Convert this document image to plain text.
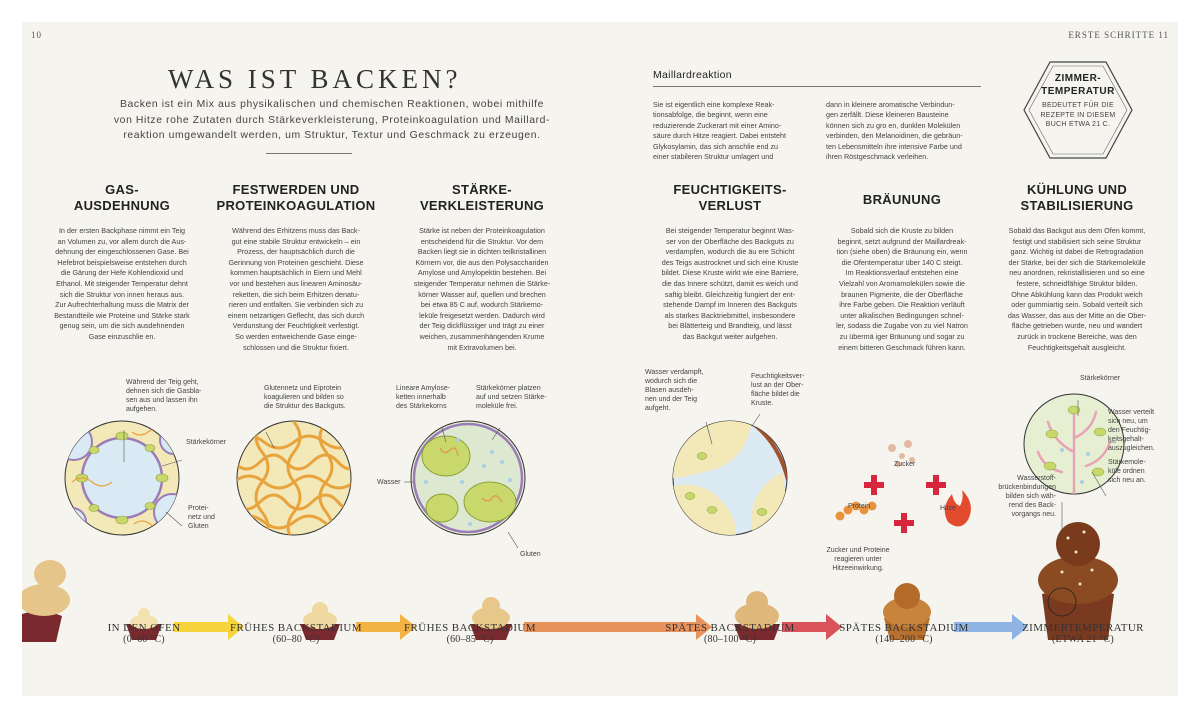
10	ERSTE SCHRITTE 11
WAS IST BACKEN?
Backen ist ein Mix aus physikalischen und chemischen Reaktionen, wobei mithilfe
von Hitze rohe Zutaten durch Stärkeverkleisterung, Proteinkoagulation und Maillard-
reaktion umgewandelt werden, um Struktur, Textur und Geschmack zu erzeugen.
Maillardreaktion
Sie ist eigentlich eine komplexe Reak-
tionsabfolge, die beginnt, wenn eine
reduzierende Zuckerart mit einer Amino-
säure durch Hitze reagiert. Dabei entsteht
Glykosylamin, das sich anschlie end zu
einer stabileren Struktur umlagert und
dann in kleinere aromatische Verbindun-
gen zerfällt. Diese kleineren Bausteine
können sich zu gro en, dunklen Molekülen
verbinden, den Melanoidinen, die gebräun-
ten Lebensmitteln ihre intensive Farbe und
ihren Röstgeschmack verleihen.
ZIMMER-
TEMPERATUR
BEDEUTET FÜR DIE
REZEPTE IN DIESEM
BUCH ETWA 21 C.
GAS-
AUSDEHNUNG
In der ersten Backphase nimmt ein Teig
an Volumen zu, vor allem durch die Aus-
dehnung der eingeschlossenen Gase. Bei
Hefebrot beispielsweise entstehen durch
die Gärung der Hefe Kohlendioxid und
Ethanol. Mit steigender Temperatur dehnt
sich die Struktur von innen heraus aus.
Zur Aufrechterhaltung muss die Matrix der
Bestandteile wie Proteine und Stärke stark
genug sein, um die sich ausdehnenden
Gase einzuschlie en.
FESTWERDEN UND
PROTEINKOAGULATION
Während des Erhitzens muss das Back-
gut eine stabile Struktur entwickeln – ein
Prozess, der hauptsächlich durch die
Gerinnung von Proteinen geschieht. Diese
kommen hauptsächlich in Eiern und Mehl
vor und bestehen aus linearen Aminosäu-
reketten, die sich beim Erhitzen denatu-
rieren und entfalten. Sie verbinden sich zu
einem netzartigen Geflecht, das sich durch
Verdunstung der Feuchtigkeit verfestigt.
So werden entweichende Gase einge-
schlossen und die Struktur fixiert.
STÄRKE-
VERKLEISTERUNG
Stärke ist neben der Proteinkoagulation
entscheidend für die Struktur. Vor dem
Backen liegt sie in dichten teilkristallinen
Körnern vor, die aus den Polysacchariden
Amylose und Amylopektin bestehen. Bei
steigender Temperatur nehmen die Stärke-
körner Wasser auf, quellen und brechen
bei etwa 85 C auf, wodurch Stärkemo-
leküle freigesetzt werden. Dadurch wird
der Teig dickflüssiger und trägt zu einer
weichen, zusammenhängenden Krume
mit Extravolumen bei.
FEUCHTIGKEITS-
VERLUST
Bei steigender Temperatur beginnt Was-
ser von der Oberfläche des Backguts zu
verdampfen, wodurch die äu ere Schicht
des Teigs austrocknet und sich eine Kruste
bildet. Diese Kruste wirkt wie eine Barriere,
die das Innere schützt, damit es weich und
saftig bleibt. Gleichzeitig fungiert der ent-
stehende Dampf im Inneren des Backguts
als starkes Backtriebmittel, insbesondere
bei Blätterteig und Brandteig, und lässt
das Backgut weiter aufgehen.
BRÄUNUNG
Sobald sich die Kruste zu bilden
beginnt, setzt aufgrund der Maillardreak-
tion (siehe oben) die Bräunung ein, wenn
die Ofentemperatur über 140 C steigt.
Im Reaktionsverlauf entstehen eine
Vielzahl von Aromamolekülen sowie die
braunen Pigmente, die der Oberfläche
ihre Farbe geben. Die Reaktion verläuft
unter alkalischen Bedingungen schnel-
ler, sodass die Zugabe von zu viel Natron
zu übermä iger Bräunung und sogar zu
einem bitteren Geschmack führen kann.
KÜHLUNG UND
STABILISIERUNG
Sobald das Backgut aus dem Ofen kommt,
festigt und stabilisiert sich seine Struktur
ganz. Wichtig ist dabei die Retrogradation
der Stärke, bei der sich die Stärkemoleküle
neu anordnen, rekristallisieren und so eine
festere, schneidfähige Struktur bilden.
Ohne Abkühlung kann das Produkt weich
oder gummiartig sein. Sobald verteilt sich
das Wasser, das aus der Mitte an die Ober-
fläche getrieben wurde, neu und wandert
zurück in trockene Bereiche, was den
Feuchtigkeitsgehalt ausgleicht.
Während der Teig geht,
dehnen sich die Gasbla-
sen aus und lassen ihn
aufgehen.
Stärkekörner
Protei-
netz und
Gluten
Glutennetz und Eiprotein
koagulieren und bilden so
die Struktur des Backguts.
Lineare Amylose-
ketten innerhalb
des Stärkekorns
Stärkekörner platzen
auf und setzen Stärke-
moleküle frei.
Wasser
Gluten
Wasser verdampft,
wodurch sich die
Blasen ausdeh-
nen und der Teig
aufgeht.
Feuchtigkeitsver-
lust an der Ober-
fläche bildet die
Kruste.
Zucker
Protein	Hitze
Zucker und Proteine
reagieren unter
Hitzeeinwirkung.
Stärkekörner
Wasser verteilt
sich neu, um
den Feuchtig-
keitsgehalt-
auszugleichen.
Wasserstoff-
brückenbindungen
bilden sich wäh-
rend des Back-
vorgangs neu.
Stärkemole-
küle ordnen
sich neu an.
IN DEN OFEN
(0–60 °C)
FRÜHES BACKSTADIUM
(60–80 °C)
FRÜHES BACKSTADIUM
(60–85 °C)
SPÄTES BACKSTADIUM
(80–100 °C)
SPÄTES BACKSTADIUM
(140–200 °C)
ZIMMERTEMPERATUR
(ETWA 21 °C)
